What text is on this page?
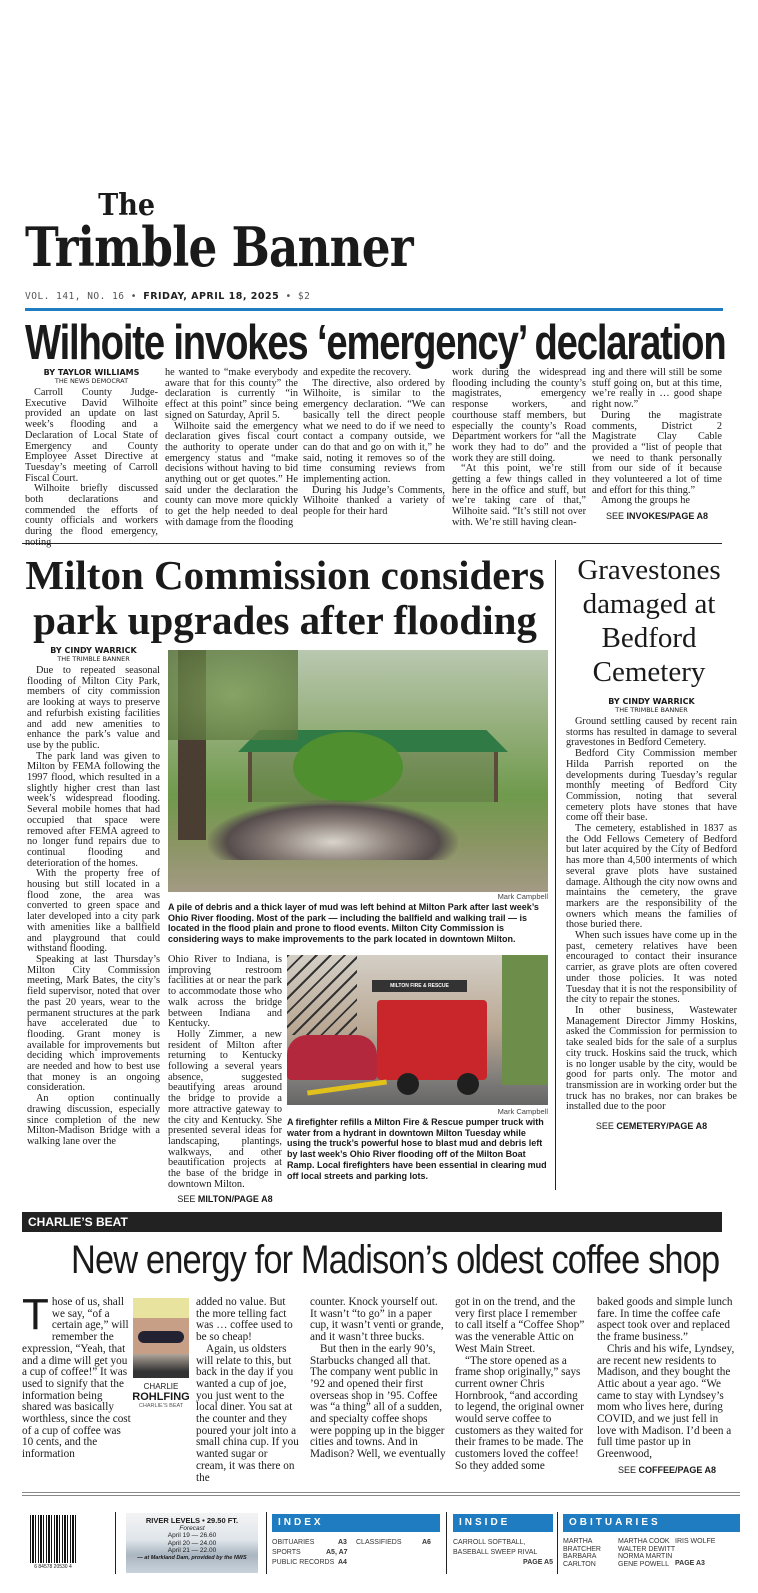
The
Trimble Banner
VOL. 141, NO. 16 • FRIDAY, APRIL 18, 2025 • $2
Wilhoite invokes ‘emergency’ declaration
BY TAYLOR WILLIAMS
THE NEWS DEMOCRAT

Carroll County Judge-Executive David Wilhoite provided an update on last week’s flooding and a Declaration of Local State of Emergency and County Employee Asset Directive at Tuesday’s meeting of Carroll Fiscal Court.

Wilhoite briefly discussed both declarations and commended the efforts of county officials and workers during the flood emergency,

he wanted to “make everybody aware that for this county” the declaration is currently “in effect at this point” since being signed on Saturday, April 5.

Wilhoite said the emergency declaration gives fiscal court the authority to operate under emergency status and “make decisions without having to bid anything out or get quotes.” He said under the declaration the county can move more quickly to get the help needed to deal with damage from the flooding

and expedite the recovery.

The directive, also ordered by Wilhoite, is similar to the emergency declaration. “We can basically tell the direct people what we need to do if we need to contact a company outside, we can do that and go on with it,” he said, noting it removes so of the time consuming reviews from implementing action.

During his Judge’s Comments, Wilhoite thanked a variety of people for their hard

work during the widespread flooding including the county’s magistrates, emergency response workers, and courthouse staff members, but especially the county’s Road Department workers for “all the work they had to do” and the work they are still doing.

“At this point, we’re still getting a few things called in here in the office and stuff, but we’re taking care of that,” Wilhoite said. “It’s still not over with. We’re still having clean-

ing and there will still be some stuff going on, but at this time, we’re really in … good shape right now.”

During the magistrate comments, District 2 Magistrate Clay Cable provided a “list of people that we need to thank personally from our side of it because they volunteered a lot of time and effort for this thing.”

Among the groups he

SEE INVOKES/PAGE A8
Milton Commission considers park upgrades after flooding
BY CINDY WARRICK
THE TRIMBLE BANNER

Due to repeated seasonal flooding of Milton City Park, members of city commission are looking at ways to preserve and refurbish existing facilities and add new amenities to enhance the park’s value and use by the public.

The park land was given to Milton by FEMA following the 1997 flood, which resulted in a slightly higher crest than last week’s widespread flooding. Several mobile homes that had occupied that space were removed after FEMA agreed to no longer fund repairs due to continual flooding and deterioration of the homes.

With the property free of housing but still located in a flood zone, the area was converted to green space and later developed into a city park with amenities like a ballfield and playground that could withstand flooding.

Speaking at last Thursday’s Milton City Commission meeting, Mark Bates, the city’s field supervisor, noted that over the past 20 years, wear to the permanent structures at the park have accelerated due to flooding. Grant money is available for improvements but deciding which improvements are needed and how to best use that money is an ongoing consideration.

An option continually drawing discussion, especially since completion of the new Milton-Madison Bridge with a walking lane over the

Mark Campbell
A pile of debris and a thick layer of mud was left behind at Milton Park after last week’s Ohio River flooding. Most of the park — including the ballfield and walking trail — is located in the flood plain and prone to flood events. Milton City Commission is considering ways to make improvements to the park located in downtown Milton.

Ohio River to Indiana, is improving restroom facilities at or near the park to accommodate those who walk across the bridge between Indiana and Kentucky.

Holly Zimmer, a new resident of Milton after returning to Kentucky following a several years absence, suggested beautifying areas around the bridge to provide a more attractive gateway to the city and Kentucky. She presented several ideas for landscaping, plantings, walkways, and other beautification projects at the base of the bridge in downtown Milton.

SEE MILTON/PAGE A8
MILTON FIRE & RESCUE
Mark Campbell
A firefighter refills a Milton Fire & Rescue pumper truck with water from a hydrant in downtown Milton Tuesday while using the truck’s powerful hose to blast mud and debris left by last week’s Ohio River flooding off of the Milton Boat Ramp. Local firefighters have been essential in clearing mud off local streets and parking lots.
Gravestones damaged at Bedford Cemetery
BY CINDY WARRICK
THE TRIMBLE BANNER

Ground settling caused by recent rain storms has resulted in damage to several gravestones in Bedford Cemetery.

Bedford City Commission member Hilda Parrish reported on the developments during Tuesday’s regular monthly meeting of Bedford City Commission, noting that several cemetery plots have stones that have come off their base.

The cemetery, established in 1837 as the Odd Fellows Cemetery of Bedford but later acquired by the City of Bedford has more than 4,500 interments of which several grave plots have sustained damage. Although the city now owns and maintains the cemetery, the grave markers are the responsibility of the owners which means the families of those buried there.

When such issues have come up in the past, cemetery relatives have been encouraged to contact their insurance carrier, as grave plots are often covered under those policies. It was noted Tuesday that it is not the responsibility of the city to repair the stones.

In other business, Wastewater Management Director Jimmy Hoskins, asked the Commission for permission to take sealed bids for the sale of a surplus city truck. Hoskins said the truck, which is no longer usable by the city, would be good for parts only. The motor and transmission are in working order but the truck has no brakes, nor can brakes be installed due to the poor

SEE CEMETERY/PAGE A8
CHARLIE’S BEAT
New energy for Madison’s oldest coffee shop
T hose of us, shall we say, “of a certain age,” will remember the expression, “Yeah, that and a dime will get you a cup of coffee!” It was used to signify that the information being shared was basically worthless, since the cost of a cup of coffee was 10 cents, and the information

CHARLIE
ROHLFING
CHARLIE’S BEAT

added no value. But the more telling fact was … coffee used to be so cheap!

Again, us oldsters will relate to this, but back in the day if you wanted a cup of joe, you just went to the local diner. You sat at the counter and they poured your jolt into a small china cup. If you wanted sugar or cream, it was there on the

counter. Knock yourself out. It wasn’t “to go” in a paper cup, it wasn’t venti or grande, and it wasn’t three bucks.

But then in the early 90’s, Starbucks changed all that. The company went public in ’92 and opened their first overseas shop in ’95. Coffee was “a thing” all of a sudden, and specialty coffee shops were popping up in the bigger cities and towns. And in Madison? Well, we eventually

got in on the trend, and the very first place I remember to call itself a “Coffee Shop” was the venerable Attic on West Main Street.

“The store opened as a frame shop originally,” says current owner Chris Hornbrook, “and according to legend, the original owner would serve coffee to customers as they waited for their frames to be made. The customers loved the coffee! So they added some

baked goods and simple lunch fare. In time the coffee cafe aspect took over and replaced the frame business.”

Chris and his wife, Lyndsey, are recent new residents to Madison, and they bought the Attic about a year ago. “We came to stay with Lyndsey’s mom who lives here, during COVID, and we just fell in love with Madison. I’d been a full time pastor up in Greenwood,

SEE COFFEE/PAGE A8
6 84578 20530 4
RIVER LEVELS • 29.50 FT.
Forecast
April 19 — 26.60
April 20 — 24.00
April 21 — 22.00
— at Markland Dam, provided by the NWS
INDEX
OBITUARIES	A3 CLASSIFIEDS	A6
SPORTS	A5, A7
PUBLIC RECORDS A4
INSIDE
CARROLL SOFTBALL,
BASEBALL SWEEP RIVAL
PAGE A5
OBITUARIES
MARTHA
BRATCHER
BARBARA
CARLTON
MARTHA COOK
WALTER DEWITT
NORMA MARTIN
GENE POWELL
IRIS WOLFE
PAGE A3
